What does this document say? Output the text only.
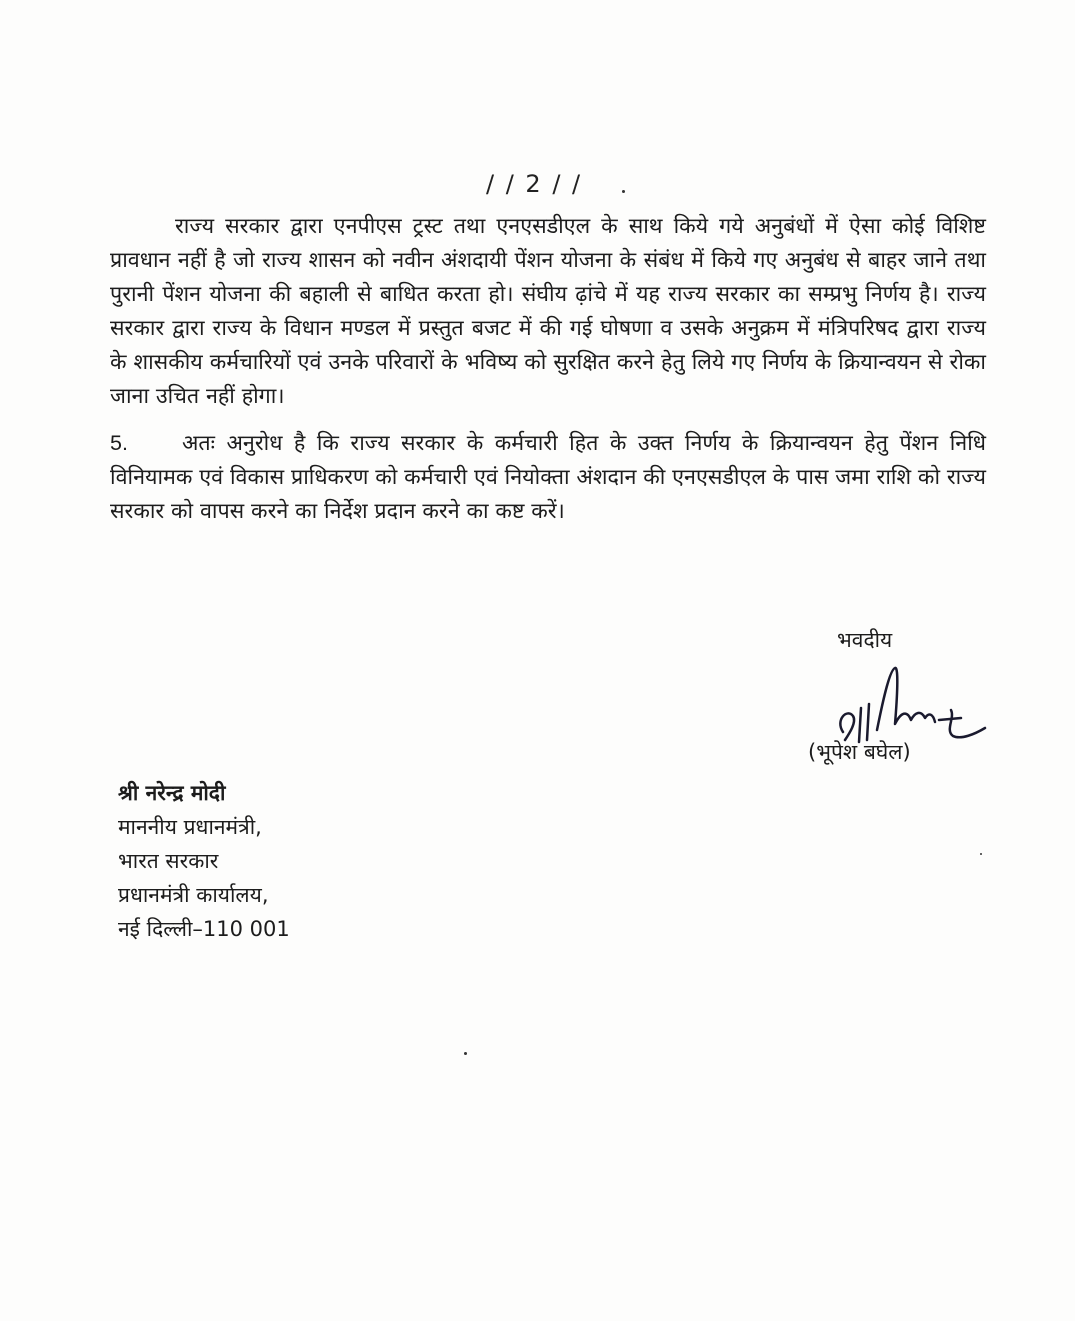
/ / 2 / /

राज्य सरकार द्वारा एनपीएस ट्रस्ट तथा एनएसडीएल के साथ किये गये अनुबंधों में ऐसा कोई विशिष्ट प्रावधान नहीं है जो राज्य शासन को नवीन अंशदायी पेंशन योजना के संबंध में किये गए अनुबंध से बाहर जाने तथा पुरानी पेंशन योजना की बहाली से बाधित करता हो। संघीय ढ़ांचे में यह राज्य सरकार का सम्प्रभु निर्णय है। राज्य सरकार द्वारा राज्य के विधान मण्डल में प्रस्तुत बजट में की गई घोषणा व उसके अनुक्रम में मंत्रिपरिषद द्वारा राज्य के शासकीय कर्मचारियों एवं उनके परिवारों के भविष्य को सुरक्षित करने हेतु लिये गए निर्णय के क्रियान्वयन से रोका जाना उचित नहीं होगा।

5.	अतः अनुरोध है कि राज्य सरकार के कर्मचारी हित के उक्त निर्णय के क्रियान्वयन हेतु पेंशन निधि विनियामक एवं विकास प्राधिकरण को कर्मचारी एवं नियोक्ता अंशदान की एनएसडीएल के पास जमा राशि को राज्य सरकार को वापस करने का निर्देश प्रदान करने का कष्ट करें।

भवदीय
(भूपेश बघेल)
श्री नरेन्द्र मोदी
माननीय प्रधानमंत्री,
भारत सरकार
प्रधानमंत्री कार्यालय,
नई दिल्ली–110 001
